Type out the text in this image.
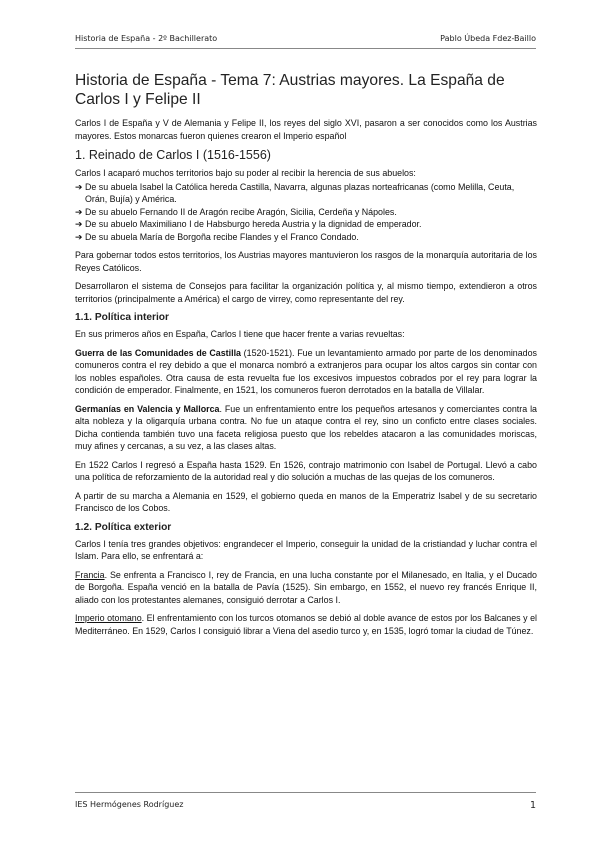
Historia de España - 2º Bachillerato	Pablo Úbeda Fdez-Baillo
Historia de España - Tema 7: Austrias mayores. La España de Carlos I y Felipe II

Carlos I de España y V de Alemania y Felipe II, los reyes del siglo XVI, pasaron a ser conocidos como los Austrias mayores. Estos monarcas fueron quienes crearon el Imperio español

1. Reinado de Carlos I (1516-1556)

Carlos I acaparó muchos territorios bajo su poder al recibir la herencia de sus abuelos:

➔ De su abuela Isabel la Católica hereda Castilla, Navarra, algunas plazas norteafricanas (como Melilla, Ceuta, Orán, Bujía) y América.
➔ De su abuelo Fernando II de Aragón recibe Aragón, Sicilia, Cerdeña y Nápoles.
➔ De su abuelo Maximiliano I de Habsburgo hereda Austria y la dignidad de emperador.
➔ De su abuela María de Borgoña recibe Flandes y el Franco Condado.

Para gobernar todos estos territorios, los Austrias mayores mantuvieron los rasgos de la monarquía autoritaria de los Reyes Católicos.

Desarrollaron el sistema de Consejos para facilitar la organización política y, al mismo tiempo, extendieron a otros territorios (principalmente a América) el cargo de virrey, como representante del rey.

1.1. Política interior

En sus primeros años en España, Carlos I tiene que hacer frente a varias revueltas:

Guerra de las Comunidades de Castilla (1520-1521). Fue un levantamiento armado por parte de los denominados comuneros contra el rey debido a que el monarca nombró a extranjeros para ocupar los altos cargos sin contar con los nobles españoles. Otra causa de esta revuelta fue los excesivos impuestos cobrados por el rey para lograr la condición de emperador. Finalmente, en 1521, los comuneros fueron derrotados en la batalla de Villalar.

Germanías en Valencia y Mallorca. Fue un enfrentamiento entre los pequeños artesanos y comerciantes contra la alta nobleza y la oligarquía urbana contra. No fue un ataque contra el rey, sino un conficto entre clases sociales. Dicha contienda también tuvo una faceta religiosa puesto que los rebeldes atacaron a las comunidades moriscas, muy afines y cercanas, a su vez, a las clases altas.

En 1522 Carlos I regresó a España hasta 1529. En 1526, contrajo matrimonio con Isabel de Portugal. Llevó a cabo una política de reforzamiento de la autoridad real y dio solución a muchas de las quejas de los comuneros.

A partir de su marcha a Alemania en 1529, el gobierno queda en manos de la Emperatriz Isabel y de su secretario Francisco de los Cobos.

1.2. Política exterior

Carlos I tenía tres grandes objetivos: engrandecer el Imperio, conseguir la unidad de la cristiandad y luchar contra el Islam. Para ello, se enfrentará a:

Francia. Se enfrenta a Francisco I, rey de Francia, en una lucha constante por el Milanesado, en Italia, y el Ducado de Borgoña. España venció en la batalla de Pavía (1525). Sin embargo, en 1552, el nuevo rey francés Enrique II, aliado con los protestantes alemanes, consiguió derrotar a Carlos I.

Imperio otomano. El enfrentamiento con los turcos otomanos se debió al doble avance de estos por los Balcanes y el Mediterráneo. En 1529, Carlos I consiguió librar a Viena del asedio turco y, en 1535, logró tomar la ciudad de Túnez.

IES Hermógenes Rodríguez	1
